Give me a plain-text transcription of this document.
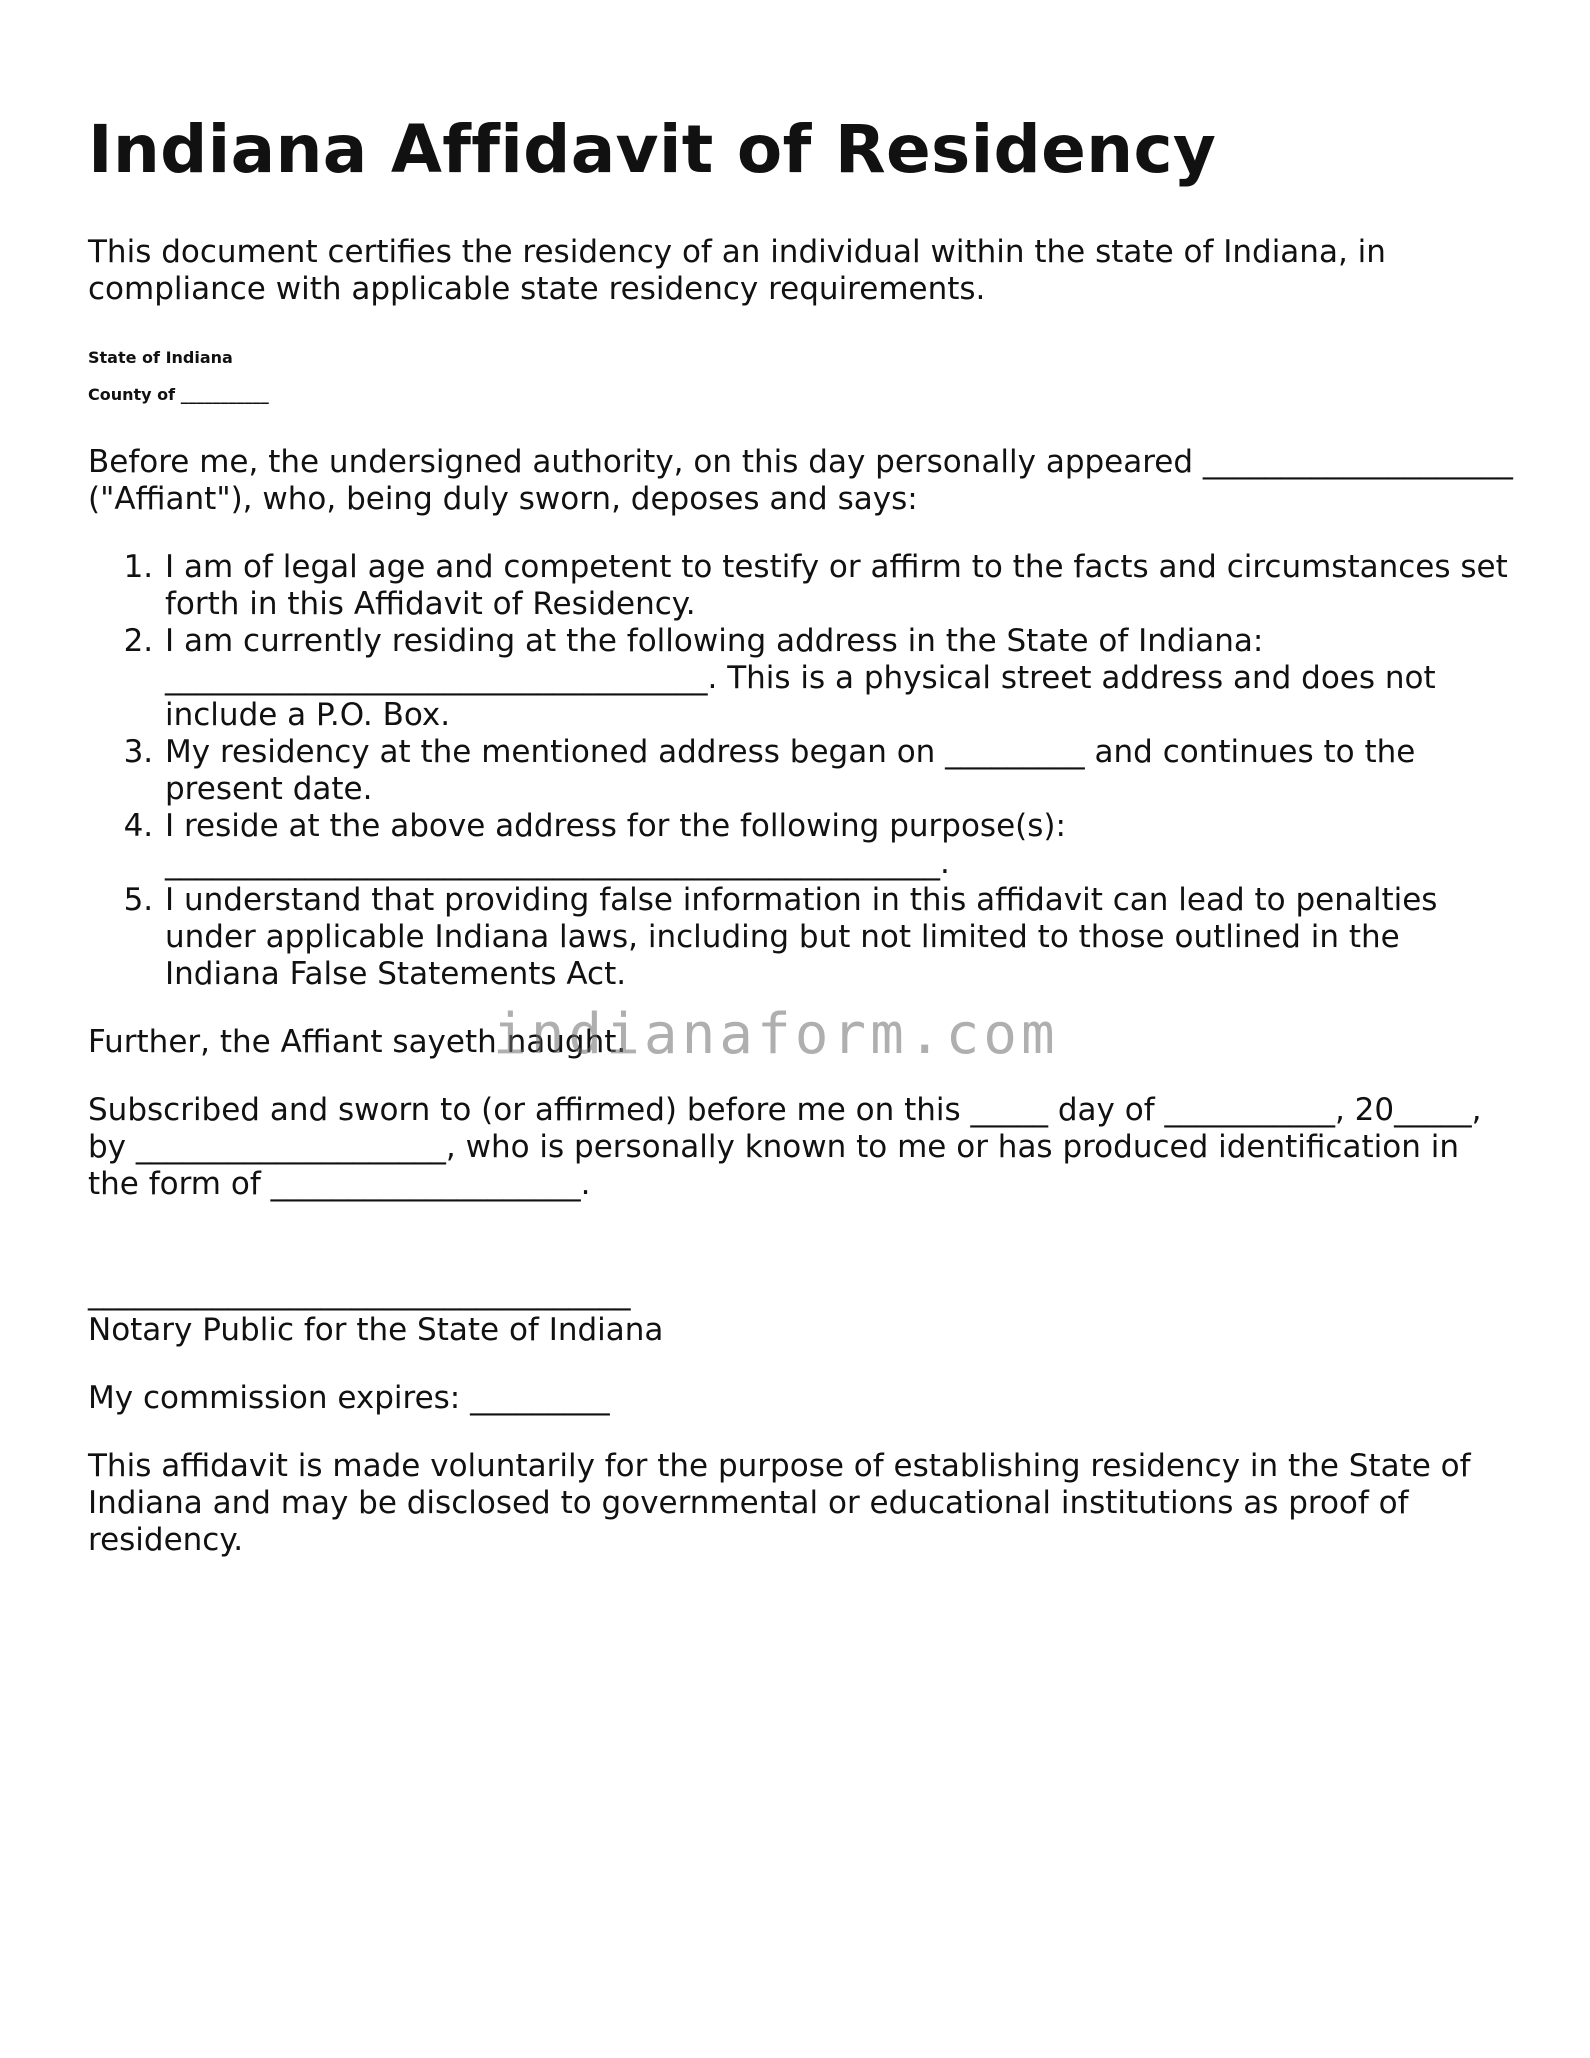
Indiana Affidavit of Residency

This document certifies the residency of an individual within the state of Indiana, in compliance with applicable state residency requirements.

State of Indiana
County of ___________

Before me, the undersigned authority, on this day personally appeared ____________________ ("Affiant"), who, being duly sworn, deposes and says:

1. I am of legal age and competent to testify or affirm to the facts and circumstances set forth in this Affidavit of Residency.
2. I am currently residing at the following address in the State of Indiana: ___________________________________. This is a physical street address and does not include a P.O. Box.
3. My residency at the mentioned address began on _________ and continues to the present date.
4. I reside at the above address for the following purpose(s): __________________________________________________.
5. I understand that providing false information in this affidavit can lead to penalties under applicable Indiana laws, including but not limited to those outlined in the Indiana False Statements Act.

Further, the Affiant sayeth naught.

Subscribed and sworn to (or affirmed) before me on this _____ day of ___________, 20_____, by ____________________, who is personally known to me or has produced identification in the form of ____________________.

___________________________________
Notary Public for the State of Indiana

My commission expires: _________

This affidavit is made voluntarily for the purpose of establishing residency in the State of Indiana and may be disclosed to governmental or educational institutions as proof of residency.

indianaform.com
